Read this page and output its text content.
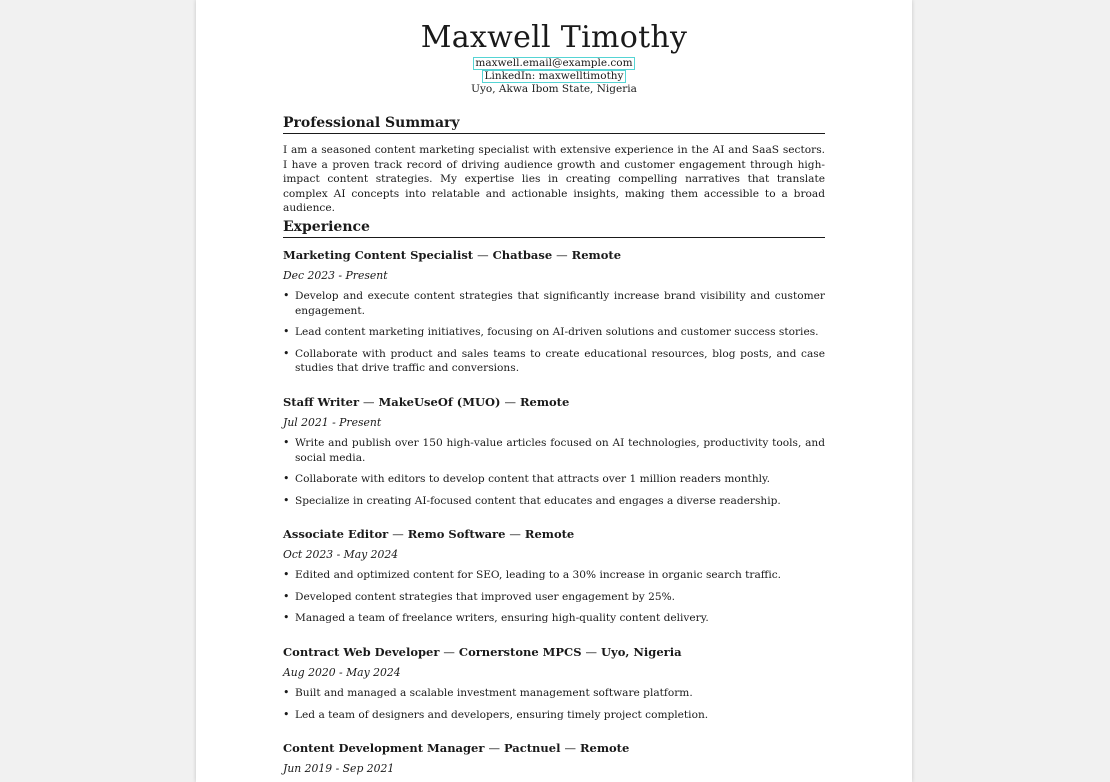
Maxwell Timothy
maxwell.email@example.com
LinkedIn: maxwelltimothy
Uyo, Akwa Ibom State, Nigeria
Professional Summary
I am a seasoned content marketing specialist with extensive experience in the AI and SaaS sectors. I have a proven track record of driving audience growth and customer engagement through high-impact content strategies. My expertise lies in creating compelling narratives that translate complex AI concepts into relatable and actionable insights, making them accessible to a broad audience.
Experience
Marketing Content Specialist — Chatbase — Remote
Dec 2023 - Present
• Develop and execute content strategies that significantly increase brand visibility and customer engagement.
• Lead content marketing initiatives, focusing on AI-driven solutions and customer success stories.
• Collaborate with product and sales teams to create educational resources, blog posts, and case studies that drive traffic and conversions.
Staff Writer — MakeUseOf (MUO) — Remote
Jul 2021 - Present
• Write and publish over 150 high-value articles focused on AI technologies, productivity tools, and social media.
• Collaborate with editors to develop content that attracts over 1 million readers monthly.
• Specialize in creating AI-focused content that educates and engages a diverse readership.
Associate Editor — Remo Software — Remote
Oct 2023 - May 2024
• Edited and optimized content for SEO, leading to a 30% increase in organic search traffic.
• Developed content strategies that improved user engagement by 25%.
• Managed a team of freelance writers, ensuring high-quality content delivery.
Contract Web Developer — Cornerstone MPCS — Uyo, Nigeria
Aug 2020 - May 2024
• Built and managed a scalable investment management software platform.
• Led a team of designers and developers, ensuring timely project completion.
Content Development Manager — Pactnuel — Remote
Jun 2019 - Sep 2021
